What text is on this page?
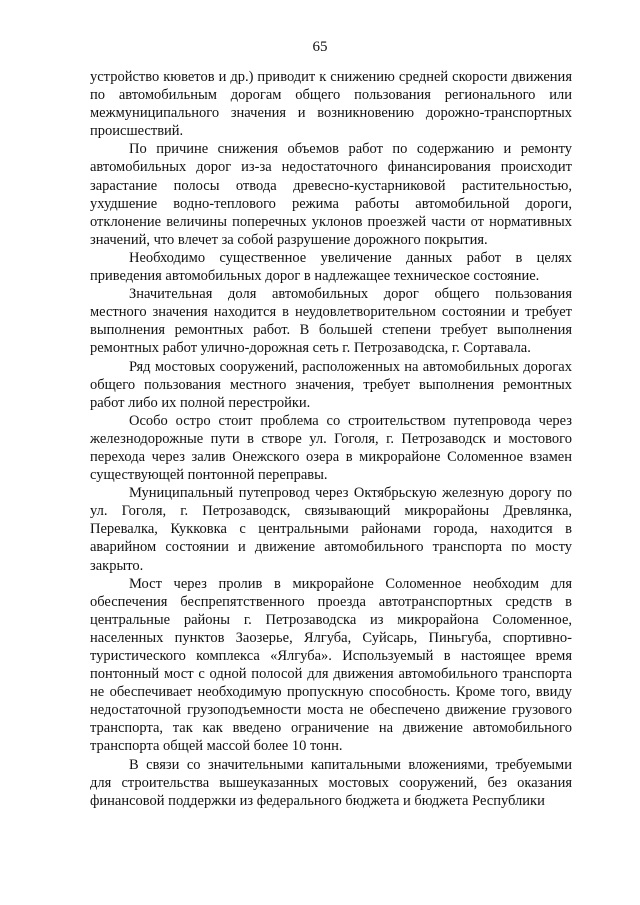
65

устройство кюветов и др.) приводит к снижению средней скорости движения по автомобильным дорогам общего пользования регионального или межмуниципального значения и возникновению дорожно-транспортных происшествий.

По причине снижения объемов работ по содержанию и ремонту автомобильных дорог из-за недостаточного финансирования происходит зарастание полосы отвода древесно-кустарниковой растительностью, ухудшение водно-теплового режима работы автомобильной дороги, отклонение величины поперечных уклонов проезжей части от нормативных значений, что влечет за собой разрушение дорожного покрытия.

Необходимо существенное увеличение данных работ в целях приведения автомобильных дорог в надлежащее техническое состояние.

Значительная доля автомобильных дорог общего пользования местного значения находится в неудовлетворительном состоянии и требует выполнения ремонтных работ. В большей степени требует выполнения ремонтных работ улично-дорожная сеть г. Петрозаводска, г. Сортавала.

Ряд мостовых сооружений, расположенных на автомобильных дорогах общего пользования местного значения, требует выполнения ремонтных работ либо их полной перестройки.

Особо остро стоит проблема со строительством путепровода через железнодорожные пути в створе ул. Гоголя, г. Петрозаводск и мостового перехода через залив Онежского озера в микрорайоне Соломенное взамен существующей понтонной переправы.

Муниципальный путепровод через Октябрьскую железную дорогу по ул. Гоголя, г. Петрозаводск, связывающий микрорайоны Древлянка, Перевалка, Кукковка с центральными районами города, находится в аварийном состоянии и движение автомобильного транспорта по мосту закрыто.

Мост через пролив в микрорайоне Соломенное необходим для обеспечения беспрепятственного проезда автотранспортных средств в центральные районы г. Петрозаводска из микрорайона Соломенное, населенных пунктов Заозерье, Ялгуба, Суйсарь, Пиньгуба, спортивно-туристического комплекса «Ялгуба». Используемый в настоящее время понтонный мост с одной полосой для движения автомобильного транспорта не обеспечивает необходимую пропускную способность. Кроме того, ввиду недостаточной грузоподъемности моста не обеспечено движение грузового транспорта, так как введено ограничение на движение автомобильного транспорта общей массой более 10 тонн.

В связи со значительными капитальными вложениями, требуемыми для строительства вышеуказанных мостовых сооружений, без оказания финансовой поддержки из федерального бюджета и бюджета Республики
